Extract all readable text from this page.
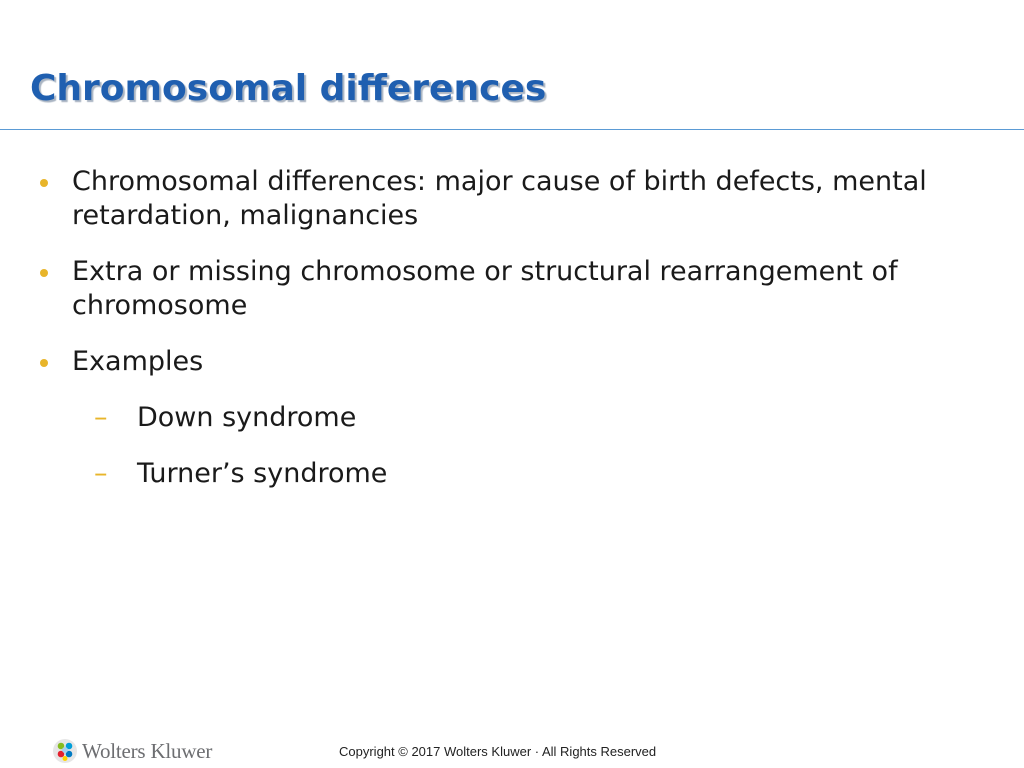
Chromosomal differences
Chromosomal differences: major cause of birth defects, mental retardation, malignancies
Extra or missing chromosome or structural rearrangement of chromosome
Examples
– Down syndrome
– Turner’s syndrome
Wolters Kluwer	Copyright © 2017 Wolters Kluwer · All Rights Reserved
